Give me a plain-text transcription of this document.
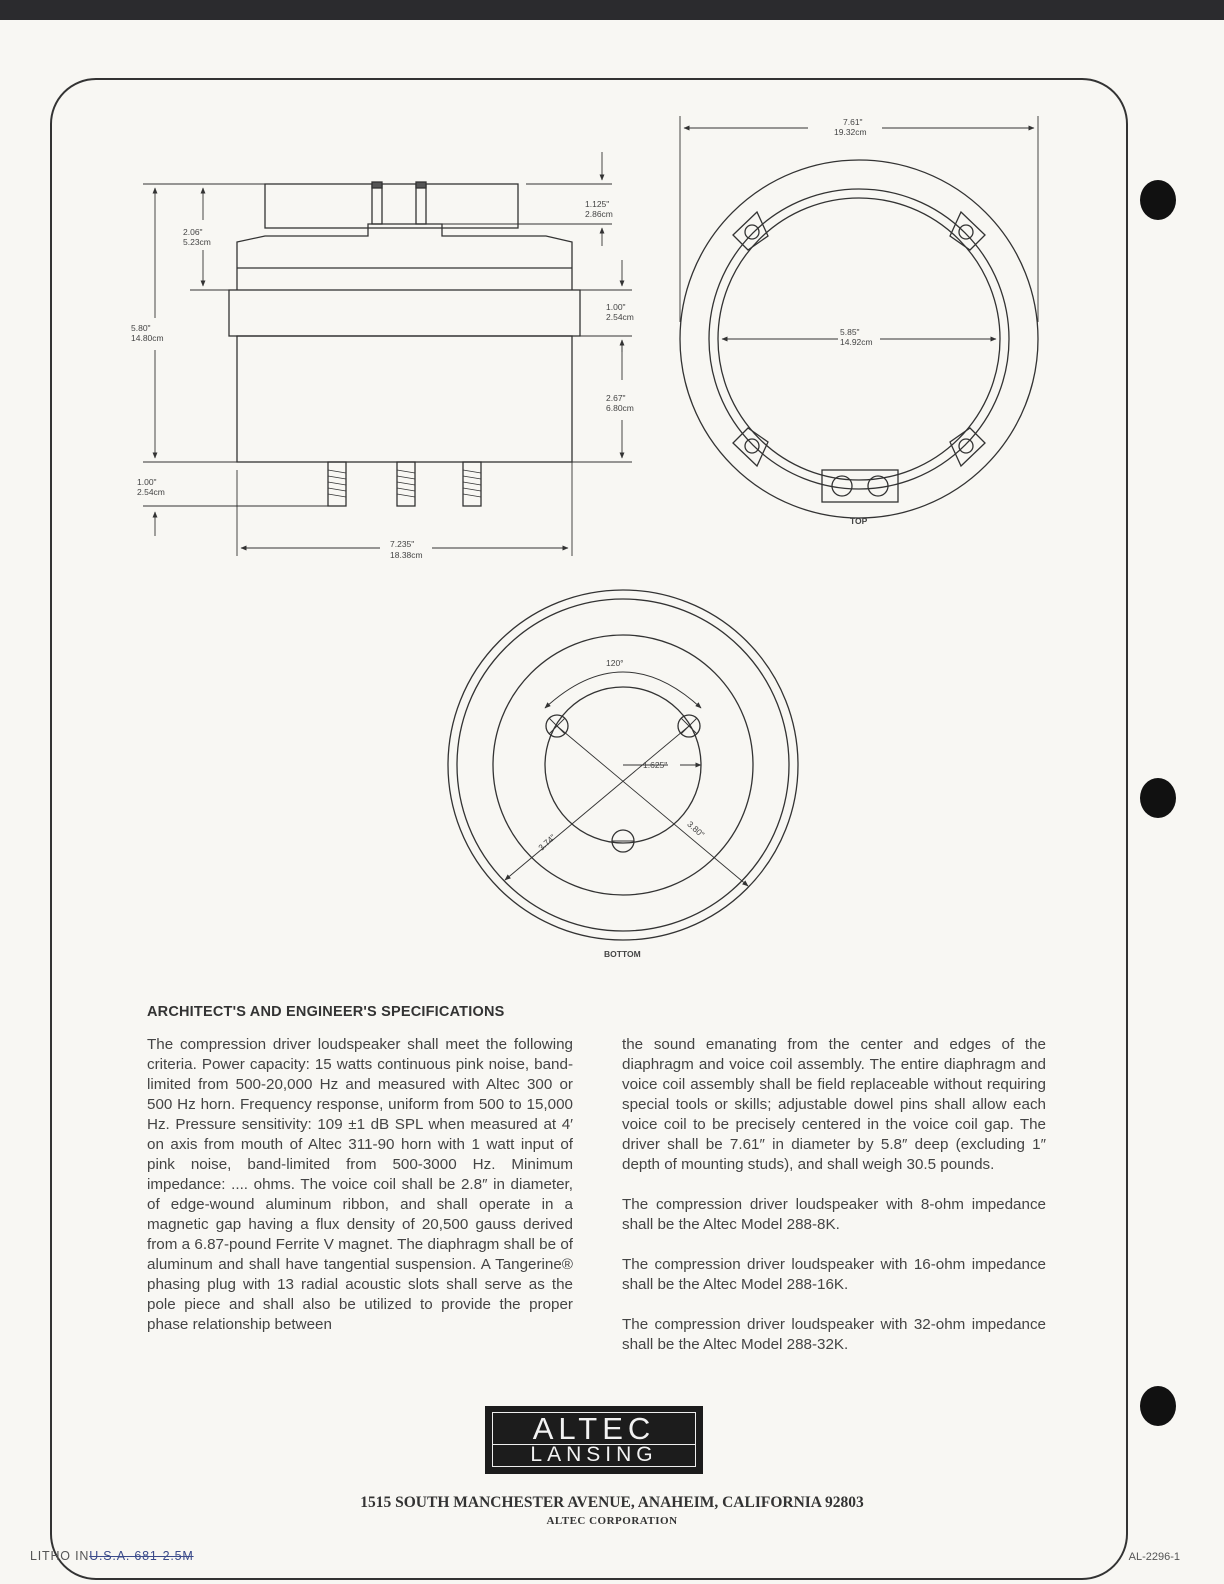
5.80"
14.80cm
2.06"
5.23cm
1.00"
2.54cm
1.125"
2.86cm
1.00"
2.54cm
2.67"
6.80cm
7.235"
18.38cm
7.61"
19.32cm
5.85"
14.92cm
TOP
120°
1.625"
3.74"
3.80"
BOTTOM
ARCHITECT'S AND ENGINEER'S SPECIFICATIONS

The compression driver loudspeaker shall meet the following criteria. Power capacity: 15 watts continuous pink noise, band-limited from 500-20,000 Hz and measured with Altec 300 or 500 Hz horn. Frequency response, uniform from 500 to 15,000 Hz. Pressure sensitivity: 109 ±1 dB SPL when measured at 4′ on axis from mouth of Altec 311-90 horn with 1 watt input of pink noise, band-limited from 500-3000 Hz. Minimum impedance: .... ohms. The voice coil shall be 2.8″ in diameter, of edge-wound aluminum ribbon, and shall operate in a magnetic gap having a flux density of 20,500 gauss derived from a 6.87-pound Ferrite V magnet. The diaphragm shall be of aluminum and shall have tangential suspension. A Tangerine® phasing plug with 13 radial acoustic slots shall serve as the pole piece and shall also be utilized to provide the proper phase relationship between

The compression driver loudspeaker with 8-ohm impedance shall be the Altec Model 288-8K.

The compression driver loudspeaker with 16-ohm impedance shall be the Altec Model 288-16K.

The compression driver loudspeaker with 32-ohm impedance shall be the Altec Model 288-32K.

ALTEC
LANSING
1515 SOUTH MANCHESTER AVENUE, ANAHEIM, CALIFORNIA 92803
ALTEC CORPORATION
LITHO INU.S.A. 681-2.5M	AL-2296-1

the sound emanating from the center and edges of the diaphragm and voice coil assembly. The entire diaphragm and voice coil assembly shall be field replaceable without requiring special tools or skills; adjustable dowel pins shall allow each voice coil to be precisely centered in the voice coil gap. The driver shall be 7.61″ in diameter by 5.8″ deep (excluding 1″ depth of mounting studs), and shall weigh 30.5 pounds.
